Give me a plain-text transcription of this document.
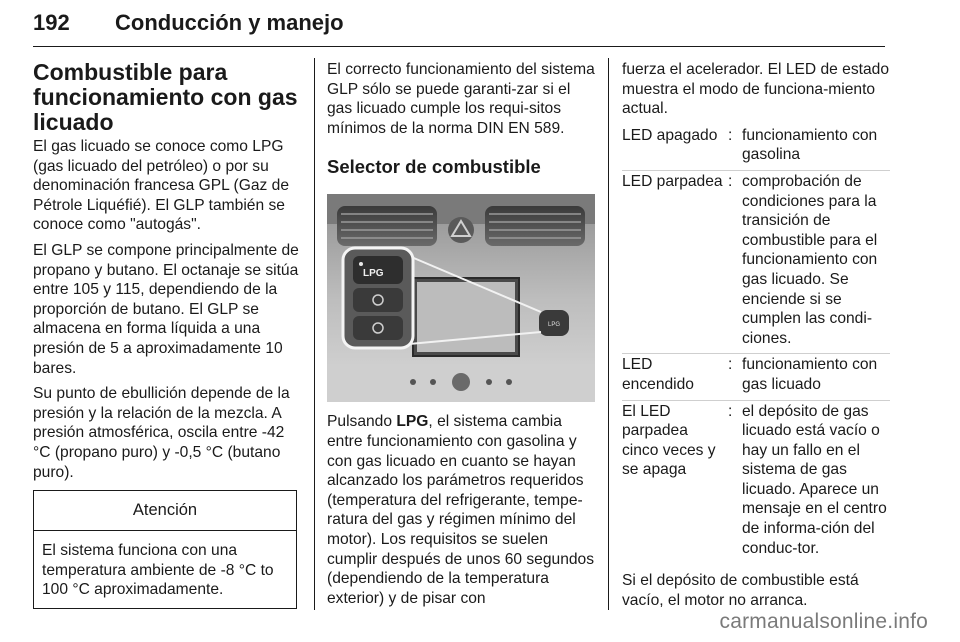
192 Conducción y manejo
Combustible para funcionamiento con gas licuado

El gas licuado se conoce como LPG (gas licuado del petróleo) o por su denominación francesa GPL (Gaz de Pétrole Liquéfié). El GLP también se conoce como "autogás".

El GLP se compone principalmente de propano y butano. El octanaje se sitúa entre 105 y 115, dependiendo de la proporción de butano. El GLP se almacena en forma líquida a una presión de 5 a aproximadamente 10 bares.

Su punto de ebullición depende de la presión y la relación de la mezcla. A presión atmosférica, oscila entre -42 °C (propano puro) y -0,5 °C (butano puro).

Atención
El sistema funciona con una temperatura ambiente de -8 °C to 100 °C aproximadamente.

El correcto funcionamiento del sistema GLP sólo se puede garanti-zar si el gas licuado cumple los requi-sitos mínimos de la norma DIN EN 589.

Selector de combustible
LPG
LPG

Pulsando LPG, el sistema cambia entre funcionamiento con gasolina y con gas licuado en cuanto se hayan alcanzado los parámetros requeridos (temperatura del refrigerante, tempe-ratura del gas y régimen mínimo del motor). Los requisitos se suelen cumplir después de unos 60 segundos (dependiendo de la temperatura exterior) y de pisar con

fuerza el acelerador. El LED de estado muestra el modo de funciona-miento actual.

LED apagado : funcionamiento con gasolina
LED parpadea : comprobación de condiciones para la transición de combustible para el funcionamiento con gas licuado. Se enciende si se cumplen las condi-ciones.
LED encendido
: funcionamiento con gas licuado
El LED parpadea cinco veces y se apaga
: el depósito de gas licuado está vacío o hay un fallo en el sistema de gas licuado. Aparece un mensaje en el centro de informa-ción del conduc-tor.

Si el depósito de combustible está vacío, el motor no arranca.

carmanualsonline.info
